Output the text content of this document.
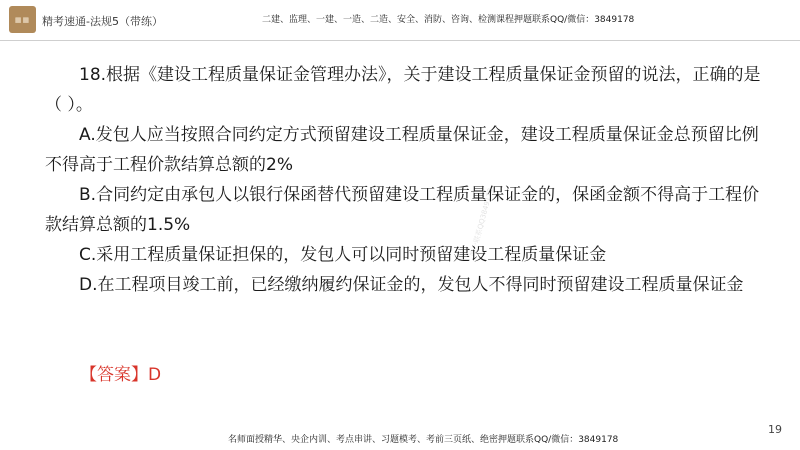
▦▦	精考速通-法规5（带练）	二建、监理、一建、一造、二造、安全、消防、咨询、检测课程押题联系QQ/微信：3849178
唯一联系QQ3849178

18.根据《建设工程质量保证金管理办法》，关于建设工程质量保证金预留的说法，正确的是（ ）。

A.发包人应当按照合同约定方式预留建设工程质量保证金，建设工程质量保证金总预留比例不得高于工程价款结算总额的2%

B.合同约定由承包人以银行保函替代预留建设工程质量保证金的，保函金额不得高于工程价款结算总额的1.5%

C.采用工程质量保证担保的，发包人可以同时预留建设工程质量保证金

D.在工程项目竣工前，已经缴纳履约保证金的，发包人不得同时预留建设工程质量保证金

【答案】D
19
名师面授精华、央企内训、考点串讲、习题模考、考前三页纸、绝密押题联系QQ/微信：3849178
